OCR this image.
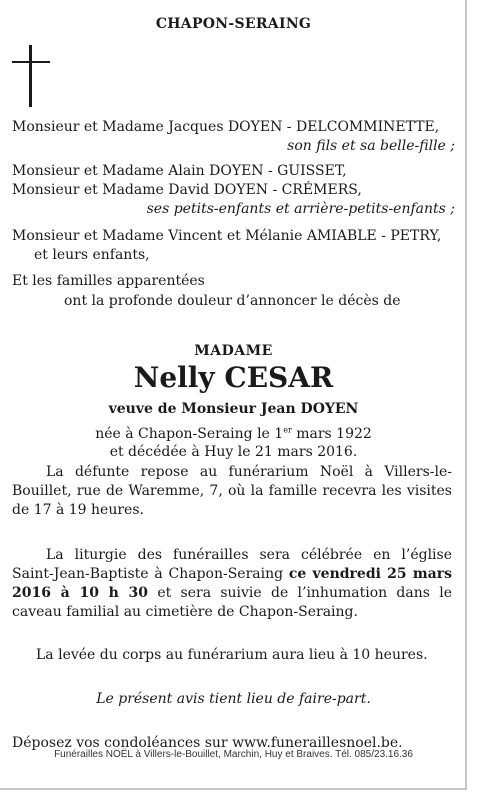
CHAPON-SERAING
Monsieur et Madame Jacques DOYEN - DELCOMMINETTE,
son fils et sa belle-fille ;
Monsieur et Madame Alain DOYEN - GUISSET,
Monsieur et Madame David DOYEN - CRÉMERS,
ses petits-enfants et arrière-petits-enfants ;
Monsieur et Madame Vincent et Mélanie AMIABLE - PETRY,
et leurs enfants,
Et les familles apparentées
ont la profonde douleur d’annoncer le décès de
MADAME
Nelly CESAR
veuve de Monsieur Jean DOYEN
née à Chapon-Seraing le 1er mars 1922
et décédée à Huy le 21 mars 2016.
La défunte repose au funérarium Noël à Villers-le-Bouillet, rue de Waremme, 7, où la famille recevra les visites de 17 à 19 heures.
La liturgie des funérailles sera célébrée en l’église Saint-Jean-Baptiste à Chapon-Seraing ce vendredi 25 mars 2016 à 10 h 30 et sera suivie de l’inhumation dans le caveau familial au cimetière de Chapon-Seraing.
La levée du corps au funérarium aura lieu à 10 heures.
Le présent avis tient lieu de faire-part.
Déposez vos condoléances sur www.funeraillesnoel.be.
Funérailles NOËL à Villers-le-Bouillet, Marchin, Huy et Braives. Tél. 085/23.16.36
